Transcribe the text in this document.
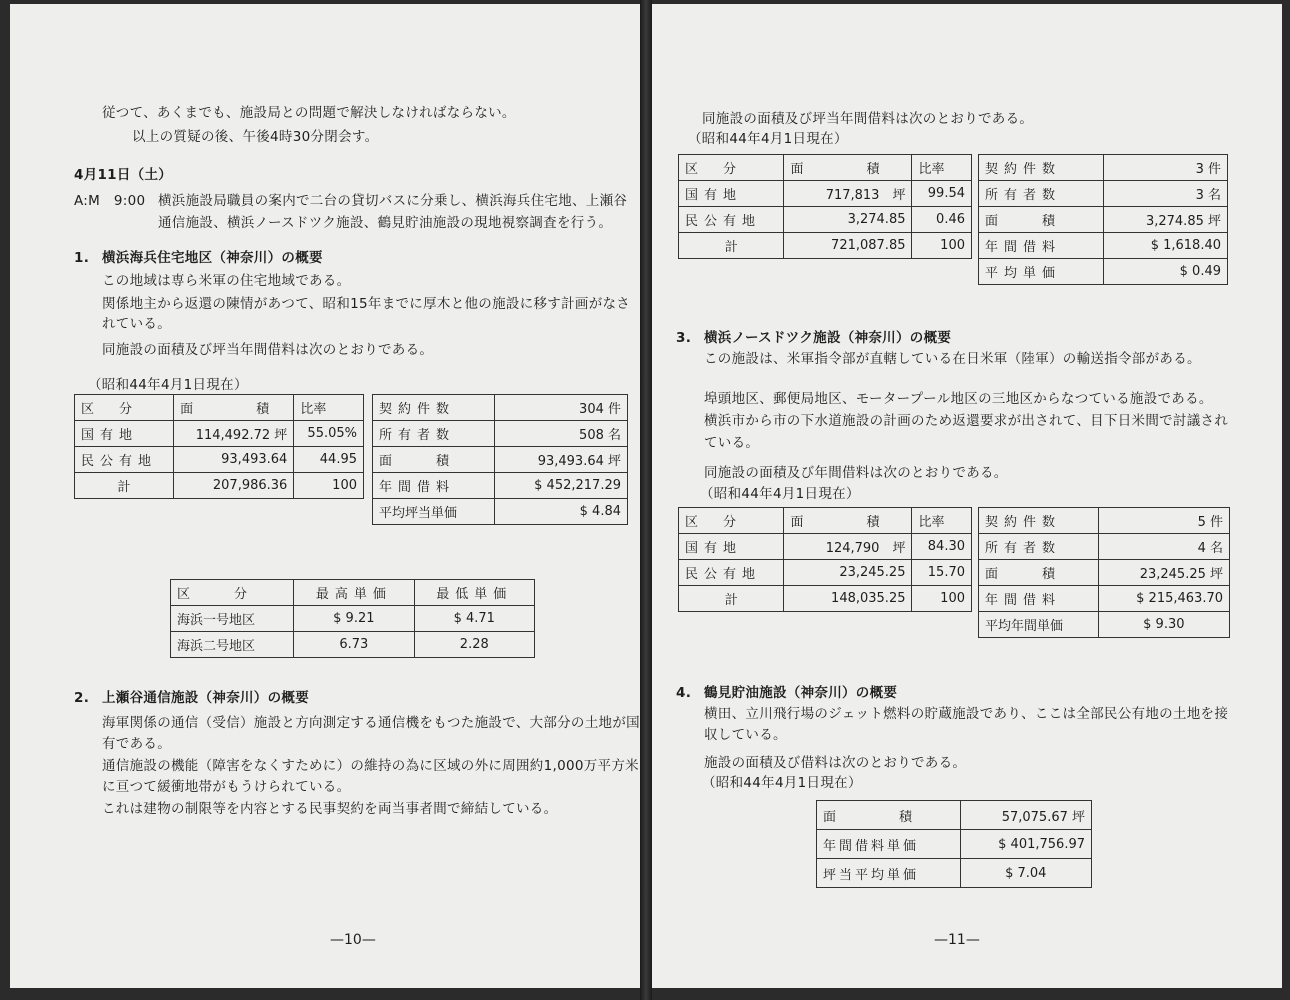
従つて、あくまでも、施設局との問題で解決しなければならない。
以上の質疑の後、午後4時30分閉会す。
4月11日（土）
A:M　9:00 横浜施設局職員の案内で二台の貸切バスに分乗し、横浜海兵住宅地、上瀬谷
通信施設、横浜ノースドツク施設、鶴見貯油施設の現地視察調査を行う。
1. 横浜海兵住宅地区（神奈川）の概要
この地域は専ら米軍の住宅地域である。
関係地主から返還の陳情があつて、昭和15年までに厚木と他の施設に移す計画がなさ
れている。
同施設の面積及び坪当年間借料は次のとおりである。
（昭和44年4月1日現在）
区　分	面　　　積	比率
国有地	114,492.72 坪	55.05%
民公有地	93,493.64	44.95
計	207,986.36	100
契約件数	304 件
所有者数	508 名
面　　積	93,493.64 坪
年間借料	$ 452,217.29
平均坪当単価	$ 4.84
区　　分	最高単価	最低単価
海浜一号地区	$ 9.21	$ 4.71
海浜二号地区	6.73	2.28
2. 上瀬谷通信施設（神奈川）の概要
海軍関係の通信（受信）施設と方向測定する通信機をもつた施設で、大部分の土地が国
有である。
通信施設の機能（障害をなくすために）の維持の為に区域の外に周囲約1,000万平方米
に亘つて緩衝地帯がもうけられている。
これは建物の制限等を内容とする民事契約を両当事者間で締結している。
—10—
同施設の面積及び坪当年間借料は次のとおりである。
（昭和44年4月1日現在）
区　分	面　　　積	比率
国有地	717,813　 坪	99.54
民公有地	3,274.85	0.46
計	721,087.85	100
契約件数	3 件
所有者数	3 名
面　　積	3,274.85 坪
年間借料	$ 1,618.40
平均単価	$ 0.49
3. 横浜ノースドツク施設（神奈川）の概要
この施設は、米軍指令部が直轄している在日米軍（陸軍）の輸送指令部がある。
埠頭地区、郵便局地区、モータープール地区の三地区からなつている施設である。
横浜市から市の下水道施設の計画のため返還要求が出されて、目下日米間で討議され
ている。
同施設の面積及び年間借料は次のとおりである。
（昭和44年4月1日現在）
区　分	面　　　積	比率
国有地	124,790　 坪	84.30
民公有地	23,245.25	15.70
計	148,035.25	100
契約件数	5 件
所有者数	4 名
面　　積	23,245.25 坪
年間借料	$ 215,463.70
平均年間単価	$ 9.30
4. 鶴見貯油施設（神奈川）の概要
横田、立川飛行場のジェット燃料の貯蔵施設であり、ここは全部民公有地の土地を接
収している。
施設の面積及び借料は次のとおりである。
（昭和44年4月1日現在）
面　　　積	57,075.67 坪
年間借料単価	$ 401,756.97
坪当平均単価	$ 7.04
—11—
